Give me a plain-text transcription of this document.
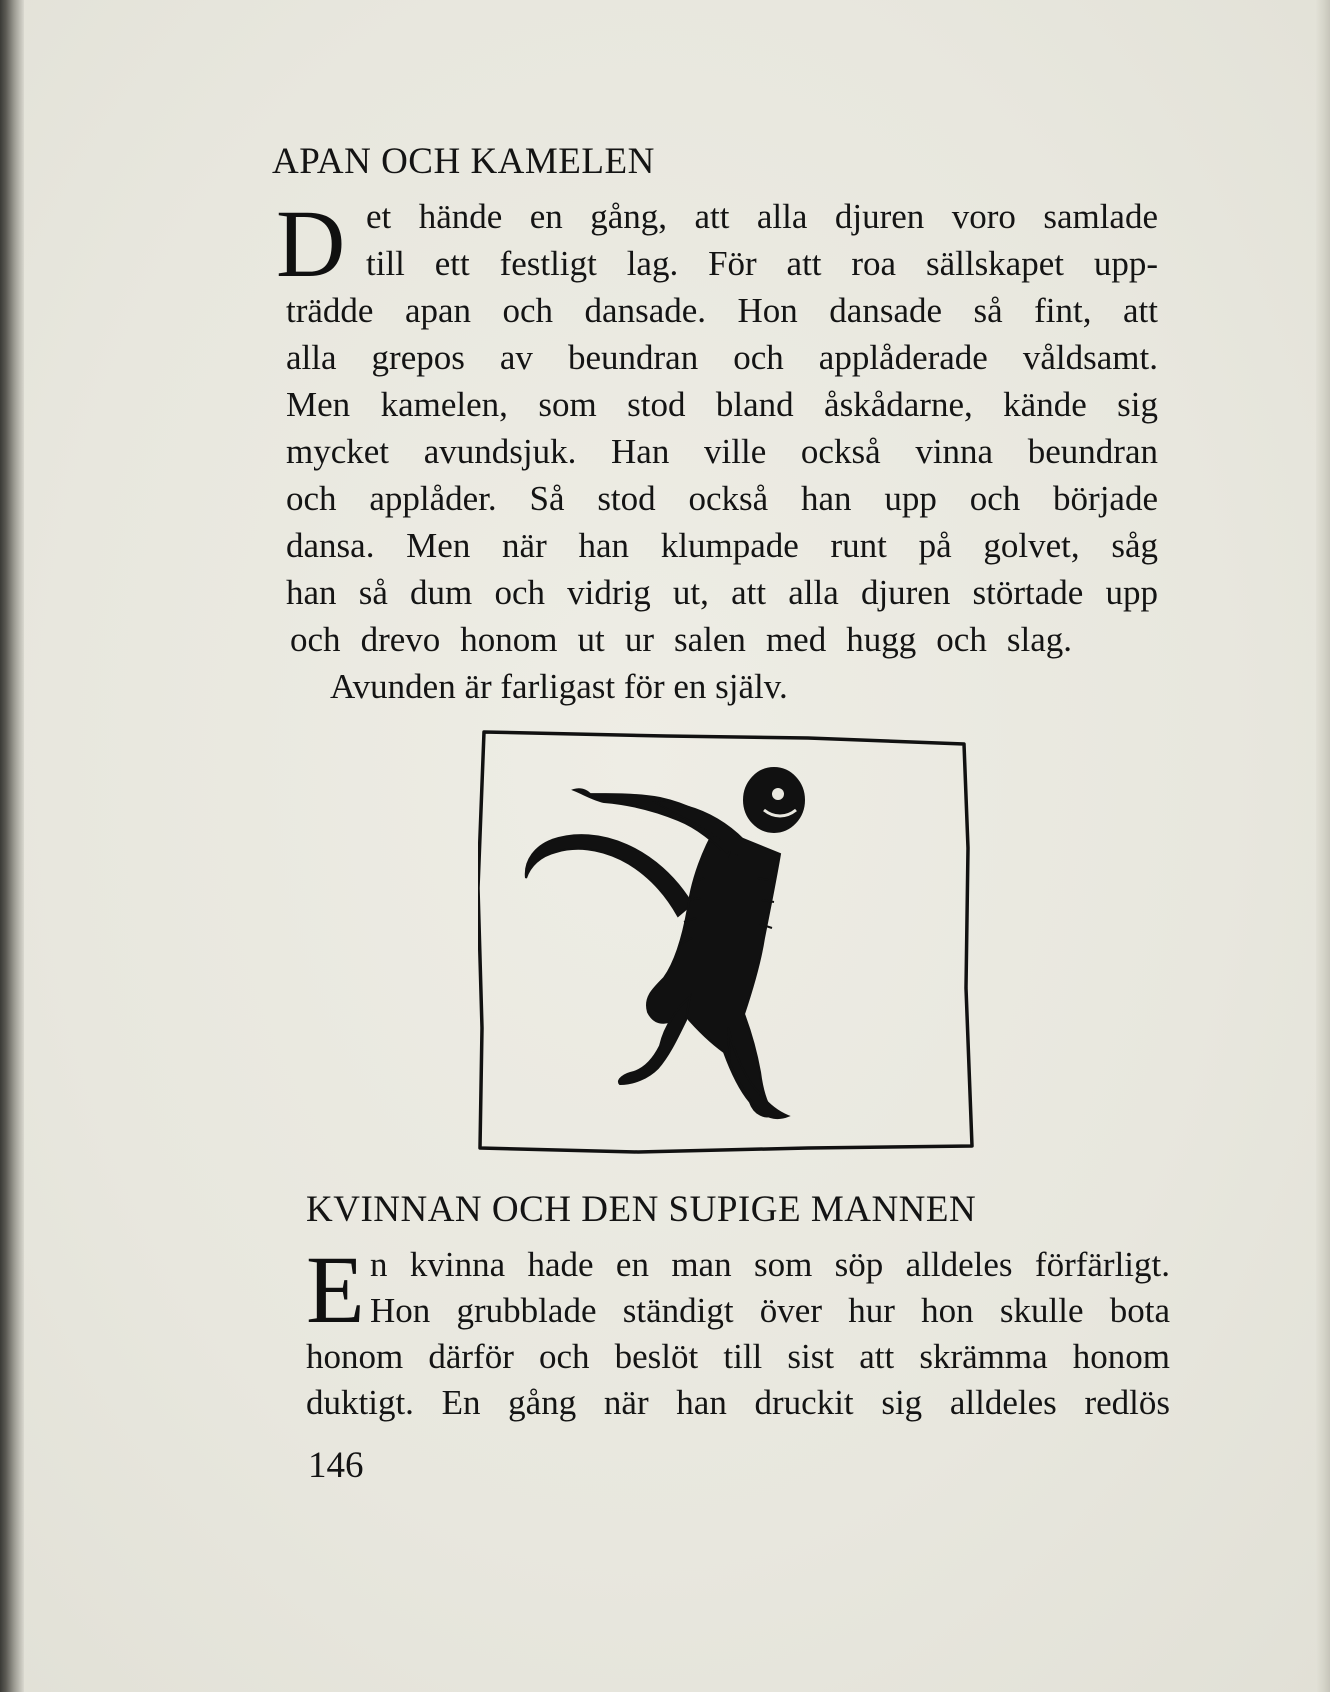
APAN OCH KAMELEN
D et hände en gång, att alla djuren voro samlade
till ett festligt lag. För att roa sällskapet upp-
trädde apan och dansade. Hon dansade så fint, att
alla grepos av beundran och applåderade våldsamt.
Men kamelen, som stod bland åskådarne, kände sig
mycket avundsjuk. Han ville också vinna beundran
och applåder. Så stod också han upp och började
dansa. Men när han klumpade runt på golvet, såg
han så dum och vidrig ut, att alla djuren störtade upp
och drevo honom ut ur salen med hugg och slag.
Avunden är farligast för en själv.
KVINNAN OCH DEN SUPIGE MANNEN
E n kvinna hade en man som söp alldeles förfärligt.
Hon grubblade ständigt över hur hon skulle bota
honom därför och beslöt till sist att skrämma honom
duktigt. En gång när han druckit sig alldeles redlös
146
